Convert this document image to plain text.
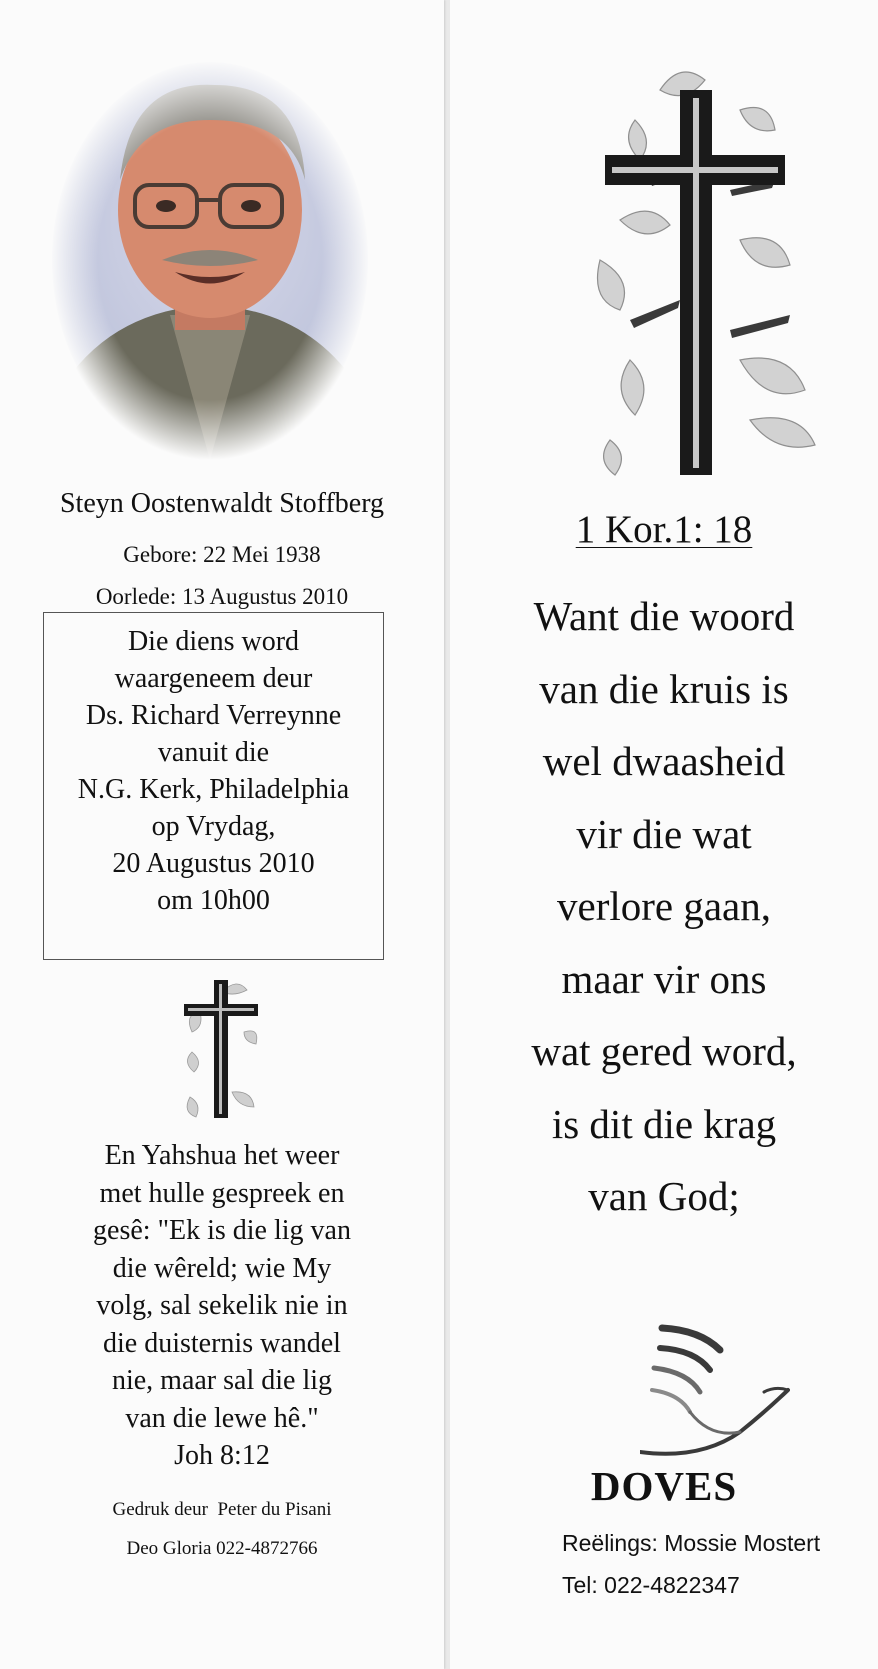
Steyn Oostenwaldt Stoffberg
Gebore: 22 Mei 1938
Oorlede: 13 Augustus 2010
Die diens word
waargeneem deur
Ds. Richard Verreynne
vanuit die
N.G. Kerk, Philadelphia
op Vrydag,
20 Augustus 2010
om 10h00
En Yahshua het weer
met hulle gespreek en
gesê: "Ek is die lig van
die wêreld; wie My
volg, sal sekelik nie in
die duisternis wandel
nie, maar sal die lig
van die lewe hê."
Joh 8:12
Gedruk deur  Peter du Pisani
Deo Gloria 022-4872766
1 Kor.1: 18
Want die woord
van die kruis is
wel dwaasheid
vir die wat
verlore gaan,
maar vir ons
wat gered word,
is dit die krag
van God;
DOVES
Reëlings: Mossie Mostert
Tel: 022-4822347
